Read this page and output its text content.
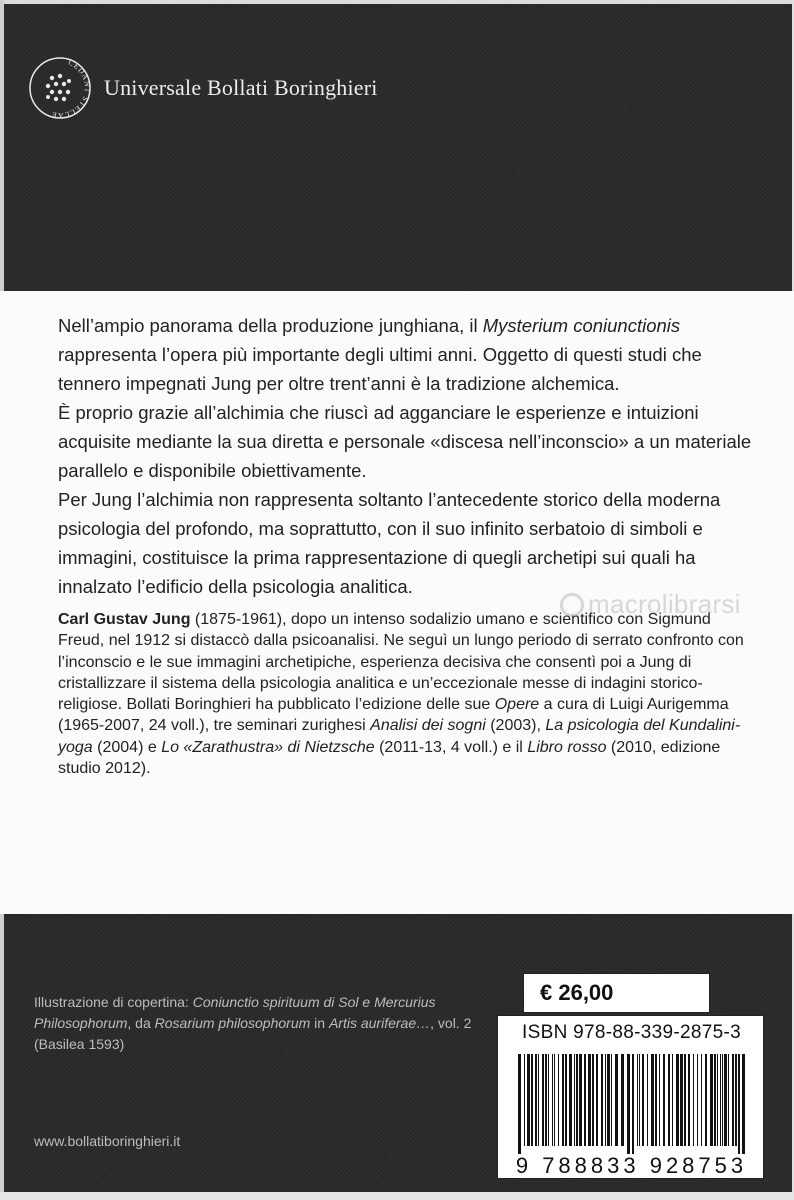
CEDANT STELLAE
Universale Bollati Boringhieri

Nell’ampio panorama della produzione junghiana, il Mysterium coniunctionis rappresenta l’opera più importante degli ultimi anni. Oggetto di questi studi che tennero impegnati Jung per oltre trent’anni è la tradizione alchemica.

È proprio grazie all’alchimia che riuscì ad agganciare le esperienze e intuizioni acquisite mediante la sua diretta e personale «discesa nell’inconscio» a un materiale parallelo e disponibile obiettivamente.

Per Jung l’alchimia non rappresenta soltanto l’antecedente storico della moderna psicologia del profondo, ma soprattutto, con il suo infinito serbatoio di simboli e immagini, costituisce la prima rappresentazione di quegli archetipi sui quali ha innalzato l’edificio della psicologia analitica.

macrolibrarsi

Carl Gustav Jung (1875-1961), dopo un intenso sodalizio umano e scientifico con Sigmund Freud, nel 1912 si distaccò dalla psicoanalisi. Ne seguì un lungo periodo di serrato confronto con l’inconscio e le sue immagini archetipiche, esperienza decisiva che consentì poi a Jung di cristallizzare il sistema della psicologia analitica e un’eccezionale messe di indagini storico-religiose. Bollati Boringhieri ha pubblicato l’edizione delle sue Opere a cura di Luigi Aurigemma (1965-2007, 24 voll.), tre seminari zurighesi Analisi dei sogni (2003), La psicologia del Kundalini-yoga (2004) e Lo «Zarathustra» di Nietzsche (2011-13, 4 voll.) e il Libro rosso (2010, edizione studio 2012).

Illustrazione di copertina: Coniunctio spirituum di Sol e Mercurius Philosophorum, da Rosarium philosophorum in Artis auriferae…, vol. 2 (Basilea 1593)

www.bollatiboringhieri.it
€ 26,00
ISBN 978-88-339-2875-3
9 788833 928753
